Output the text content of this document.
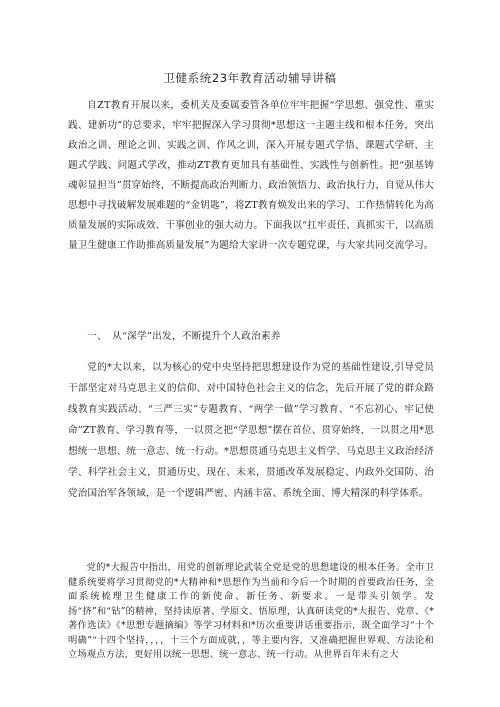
卫健系统23年教育活动辅导讲稿

自ZT教育开展以来，委机关及委属委管各单位牢牢把握“学思想、强党性、重实践、建新功”的总要求，牢牢把握深入学习贯彻*思想这一主题主线和根本任务，突出政治之训、理论之训、实践之训、作风之训，深入开展专题式学悟、课题式学研、主题式学践、问题式学改，推动ZT教育更加具有基础性、实践性与创新性。把“强基铸魂彰显担当”贯穿始终，不断提高政治判断力、政治领悟力、政治执行力，自觉从伟大思想中寻找破解发展难题的“金钥匙”，将ZT教育焕发出来的学习、工作热情转化为高质量发展的实际成效、干事创业的强大动力。下面我以“扛牢责任、真抓实干，以高质量卫生健康工作助推高质量发展”为题给大家讲一次专题党课，与大家共同交流学习。

一、　从“深学”出发，不断提升个人政治素养

党的*大以来，以为核心的党中央坚持把思想建设作为党的基础性建设,引导党员干部坚定对马克思主义的信仰、对中国特色社会主义的信念，先后开展了党的群众路线教育实践活动、“三严三实”专题教育、“两学一做”学习教育、“不忘初心、牢记使命”ZT教育、学习教育等，一以贯之把“学思想”摆在首位、贯穿始终，一以贯之用*思想统一思想、统一意志、统一行动。*思想贯通马克思主义哲学、马克思主义政治经济学、科学社会主义，贯通历史、现在、未来，贯通改革发展稳定、内政外交国防、治党治国治军各领域，是一个逻辑严密、内涵丰富、系统全面、博大精深的科学体系。

党的*大报告中指出，用党的创新理论武装全党是党的思想建设的根本任务。全市卫健系统要将学习贯彻党的*大精神和*思想作为当前和今后一个时期的首要政治任务，全面系统梳理卫生健康工作的新使命、新任务、新要求。一是带头引领学。发扬“挤”和“钻”的精神，坚持读原著、学原文、悟原理，认真研读党的*大报告、党章、《*著作选读》《*思想专题摘编》等学习材料和*历次重要讲话重要指示，既全面学习“十个明确”“十四个坚持，，，，十三个方面成就，，等主要内容，又准确把握世界观、方法论和立场观点方法，更好用以统一思想、统一意志、统一行动。从世界百年未有之大
